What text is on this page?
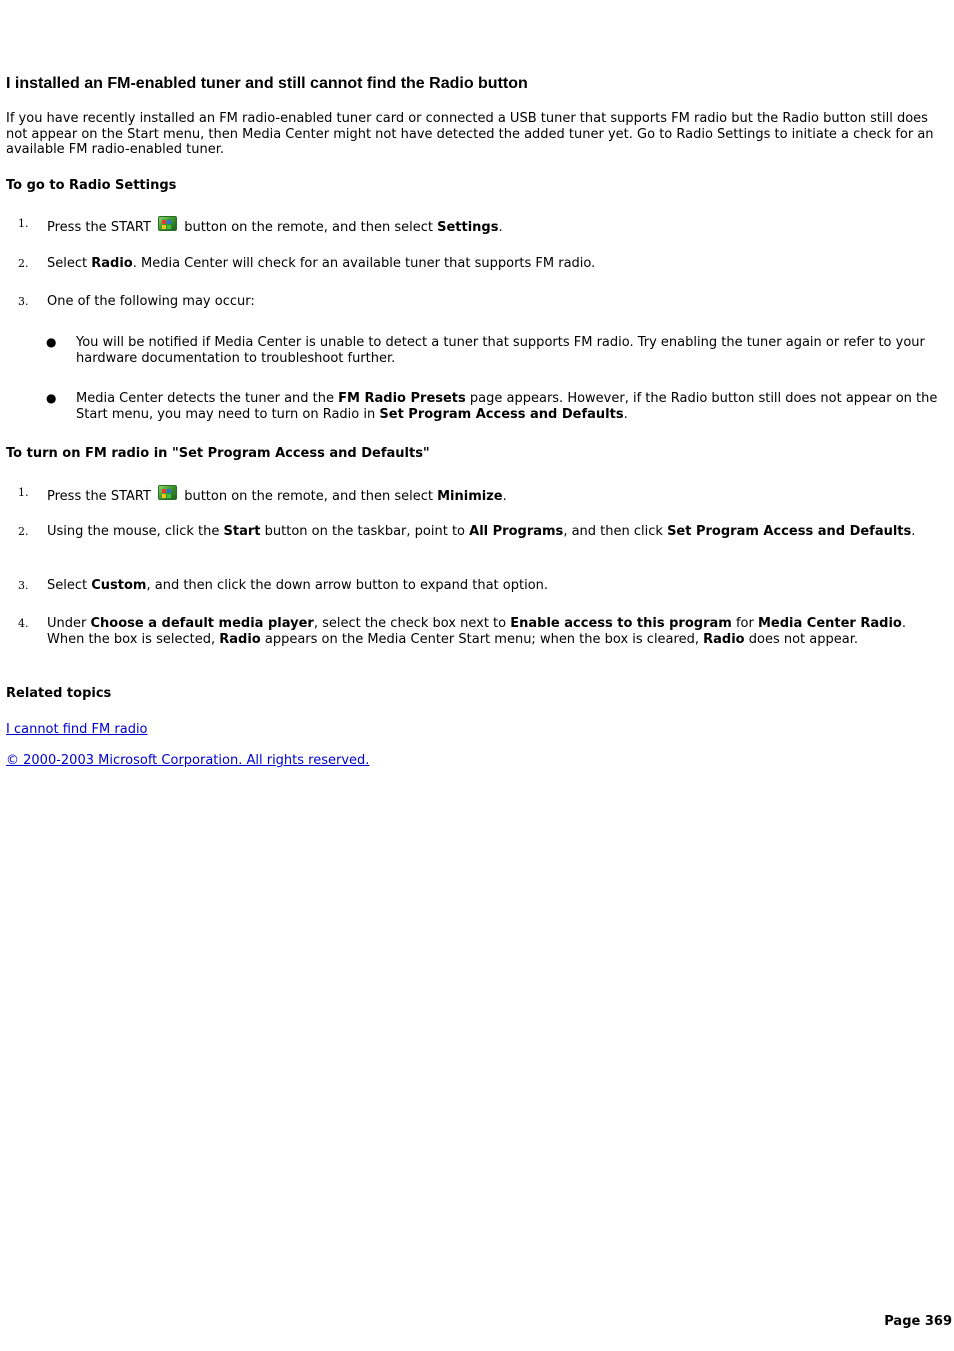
I installed an FM-enabled tuner and still cannot find the Radio button
If you have recently installed an FM radio-enabled tuner card or connected a USB tuner that supports FM radio but the Radio button still does not appear on the Start menu, then Media Center might not have detected the added tuner yet. Go to Radio Settings to initiate a check for an available FM radio-enabled tuner.
To go to Radio Settings
1. Press the START	button on the remote, and then select Settings.
2. Select Radio. Media Center will check for an available tuner that supports FM radio.
3. One of the following may occur:
● You will be notified if Media Center is unable to detect a tuner that supports FM radio. Try enabling the tuner again or refer to your hardware documentation to troubleshoot further.
● Media Center detects the tuner and the FM Radio Presets page appears. However, if the Radio button still does not appear on the Start menu, you may need to turn on Radio in Set Program Access and Defaults.
To turn on FM radio in "Set Program Access and Defaults"
1. Press the START	button on the remote, and then select Minimize.
2. Using the mouse, click the Start button on the taskbar, point to All Programs, and then click Set Program Access and Defaults.
3. Select Custom, and then click the down arrow button to expand that option.
4. Under Choose a default media player, select the check box next to Enable access to this program for Media Center Radio. When the box is selected, Radio appears on the Media Center Start menu; when the box is cleared, Radio does not appear.
Related topics
I cannot find FM radio
© 2000-2003 Microsoft Corporation. All rights reserved.
Page 369
